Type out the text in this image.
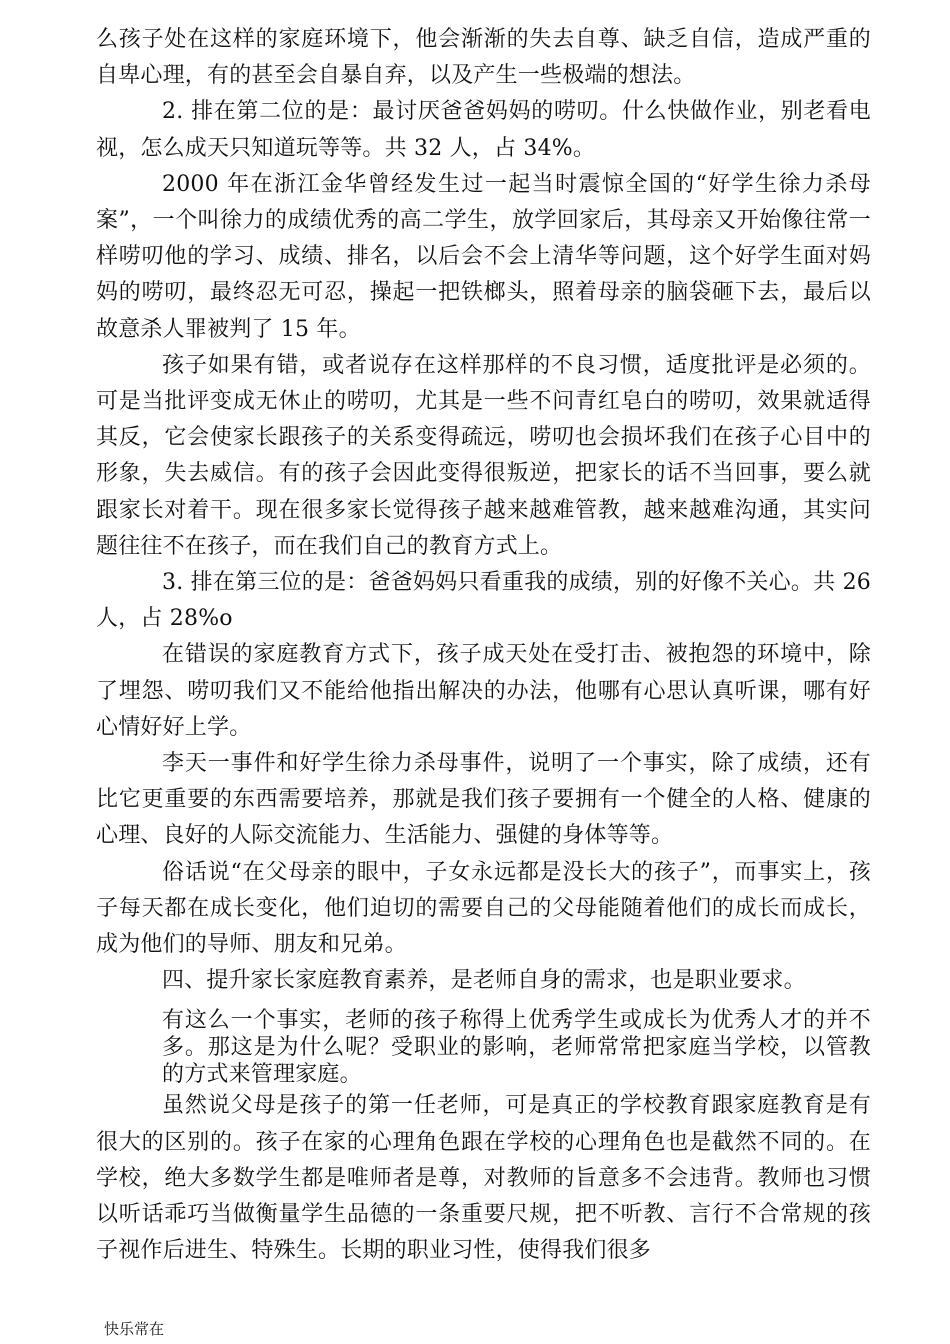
么孩子处在这样的家庭环境下，他会渐渐的失去自尊、缺乏自信，造成严重的自卑心理，有的甚至会自暴自弃，以及产生一些极端的想法。

2. 排在第二位的是：最讨厌爸爸妈妈的唠叨。什么快做作业，别老看电视，怎么成天只知道玩等等。共 32 人，占 34%。

2000 年在浙江金华曾经发生过一起当时震惊全国的“好学生徐力杀母案”，一个叫徐力的成绩优秀的高二学生，放学回家后，其母亲又开始像往常一样唠叨他的学习、成绩、排名，以后会不会上清华等问题，这个好学生面对妈妈的唠叨，最终忍无可忍，操起一把铁榔头，照着母亲的脑袋砸下去，最后以故意杀人罪被判了 15 年。

孩子如果有错，或者说存在这样那样的不良习惯，适度批评是必须的。可是当批评变成无休止的唠叨，尤其是一些不问青红皂白的唠叨，效果就适得其反，它会使家长跟孩子的关系变得疏远，唠叨也会损坏我们在孩子心目中的形象，失去威信。有的孩子会因此变得很叛逆，把家长的话不当回事，要么就跟家长对着干。现在很多家长觉得孩子越来越难管教，越来越难沟通，其实问题往往不在孩子，而在我们自己的教育方式上。

3. 排在第三位的是：爸爸妈妈只看重我的成绩，别的好像不关心。共 26 人，占 28%o

在错误的家庭教育方式下，孩子成天处在受打击、被抱怨的环境中，除了埋怨、唠叨我们又不能给他指出解决的办法，他哪有心思认真听课，哪有好心情好好上学。

李天一事件和好学生徐力杀母事件，说明了一个事实，除了成绩，还有比它更重要的东西需要培养，那就是我们孩子要拥有一个健全的人格、健康的心理、良好的人际交流能力、生活能力、强健的身体等等。

俗话说“在父母亲的眼中，子女永远都是没长大的孩子”，而事实上，孩子每天都在成长变化，他们迫切的需要自己的父母能随着他们的成长而成长，成为他们的导师、朋友和兄弟。

四、提升家长家庭教育素养，是老师自身的需求，也是职业要求。

有这么一个事实，老师的孩子称得上优秀学生或成长为优秀人才的并不多。那这是为什么呢？受职业的影响，老师常常把家庭当学校，以管教的方式来管理家庭。

虽然说父母是孩子的第一任老师，可是真正的学校教育跟家庭教育是有很大的区别的。孩子在家的心理角色跟在学校的心理角色也是截然不同的。在学校，绝大多数学生都是唯师者是尊，对教师的旨意多不会违背。教师也习惯以听话乖巧当做衡量学生品德的一条重要尺规，把不听教、言行不合常规的孩子视作后进生、特殊生。长期的职业习性，使得我们很多

快乐常在
